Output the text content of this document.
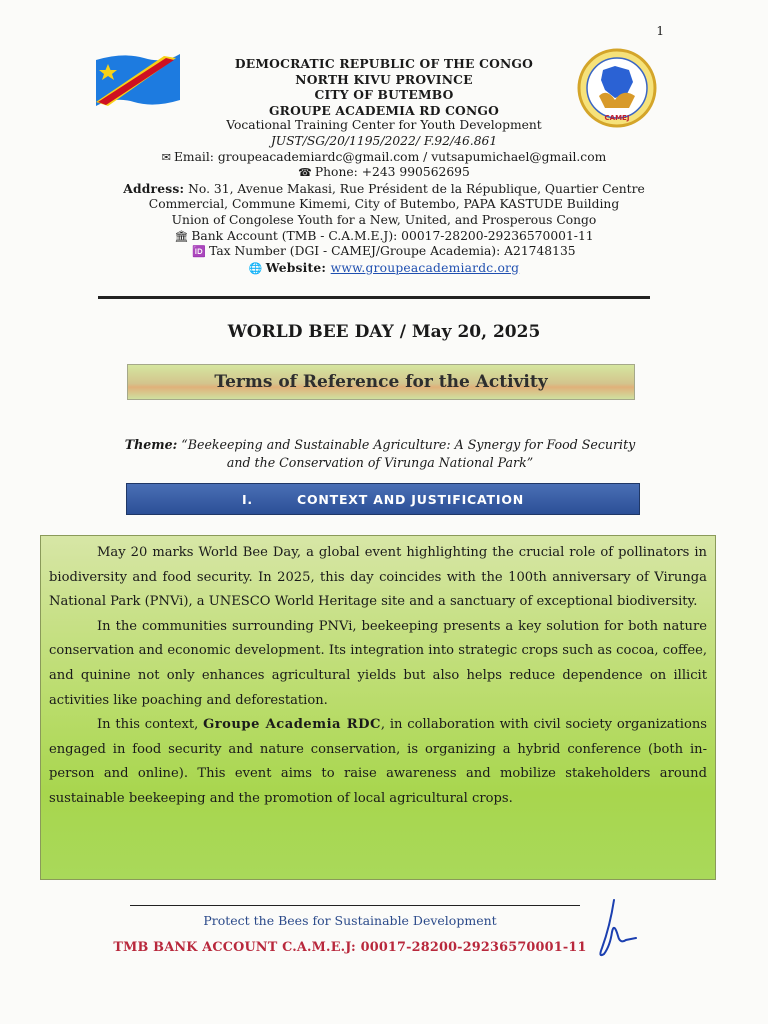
1
CAMEJ
DEMOCRATIC REPUBLIC OF THE CONGO
NORTH KIVU PROVINCE
CITY OF BUTEMBO
GROUPE ACADEMIA RD CONGO
Vocational Training Center for Youth Development
JUST/SG/20/1195/2022/ F.92/46.861
✉ Email: groupeacademiardc@gmail.com / vutsapumichael@gmail.com
☎ Phone: +243 990562695
Address: No. 31, Avenue Makasi, Rue Président de la République, Quartier Centre
Commercial, Commune Kimemi, City of Butembo, PAPA KASTUDE Building
Union of Congolese Youth for a New, United, and Prosperous Congo
🏛 Bank Account (TMB - C.A.M.E.J): 00017-28200-29236570001-11
🆔 Tax Number (DGI - CAMEJ/Groupe Academia): A21748135
🌐 Website: www.groupeacademiardc.org
WORLD BEE DAY / May 20, 2025
Terms of Reference for the Activity
Theme: “Beekeeping and Sustainable Agriculture: A Synergy for Food Security
and the Conservation of Virunga National Park”
I.	CONTEXT AND JUSTIFICATION

May 20 marks World Bee Day, a global event highlighting the crucial role of pollinators in biodiversity and food security. In 2025, this day coincides with the 100th anniversary of Virunga National Park (PNVi), a UNESCO World Heritage site and a sanctuary of exceptional biodiversity.

In the communities surrounding PNVi, beekeeping presents a key solution for both nature conservation and economic development. Its integration into strategic crops such as cocoa, coffee, and quinine not only enhances agricultural yields but also helps reduce dependence on illicit activities like poaching and deforestation.

In this context, Groupe Academia RDC, in collaboration with civil society organizations engaged in food security and nature conservation, is organizing a hybrid conference (both in-person and online). This event aims to raise awareness and mobilize stakeholders around sustainable beekeeping and the promotion of local agricultural crops.

Protect the Bees for Sustainable Development
TMB BANK ACCOUNT C.A.M.E.J: 00017-28200-29236570001-11
